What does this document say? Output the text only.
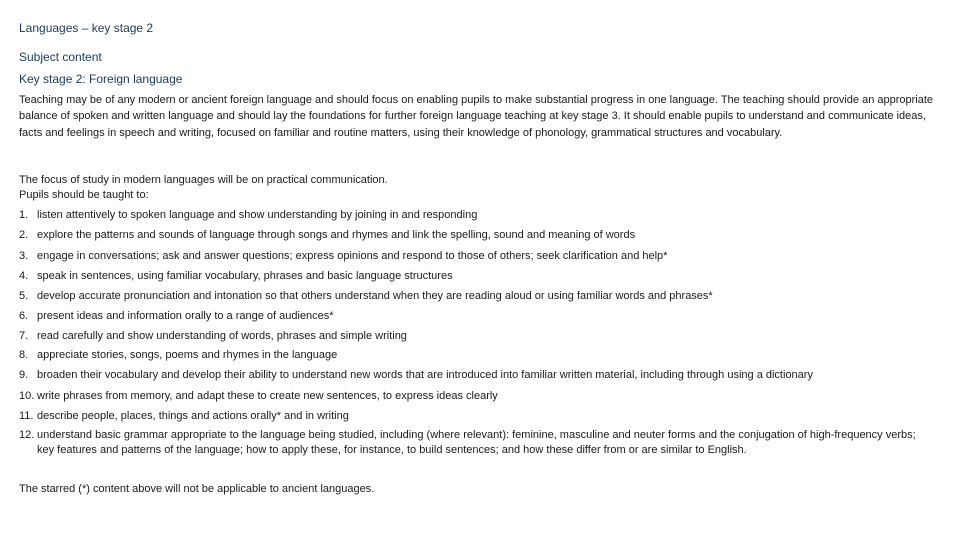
Languages – key stage 2

Subject content

Key stage 2: Foreign language

Teaching may be of any modern or ancient foreign language and should focus on enabling pupils to make substantial progress in one language. The teaching should provide an appropriate balance of spoken and written language and should lay the foundations for further foreign language teaching at key stage 3. It should enable pupils to understand and communicate ideas, facts and feelings in speech and writing, focused on familiar and routine matters, using their knowledge of phonology, grammatical structures and vocabulary.

The focus of study in modern languages will be on practical communication.
Pupils should be taught to:
1. listen attentively to spoken language and show understanding by joining in and responding
2. explore the patterns and sounds of language through songs and rhymes and link the spelling, sound and meaning of words
3. engage in conversations; ask and answer questions; express opinions and respond to those of others; seek clarification and help*
4. speak in sentences, using familiar vocabulary, phrases and basic language structures
5. develop accurate pronunciation and intonation so that others understand when they are reading aloud or using familiar words and phrases*
6. present ideas and information orally to a range of audiences*
7. read carefully and show understanding of words, phrases and simple writing
8. appreciate stories, songs, poems and rhymes in the language
9. broaden their vocabulary and develop their ability to understand new words that are introduced into familiar written material, including through using a dictionary
10. write phrases from memory, and adapt these to create new sentences, to express ideas clearly
11. describe people, places, things and actions orally* and in writing
12. understand basic grammar appropriate to the language being studied, including (where relevant): feminine, masculine and neuter forms and the conjugation of high-frequency verbs; key features and patterns of the language; how to apply these, for instance, to build sentences; and how these differ from or are similar to English.

The starred (*) content above will not be applicable to ancient languages.
